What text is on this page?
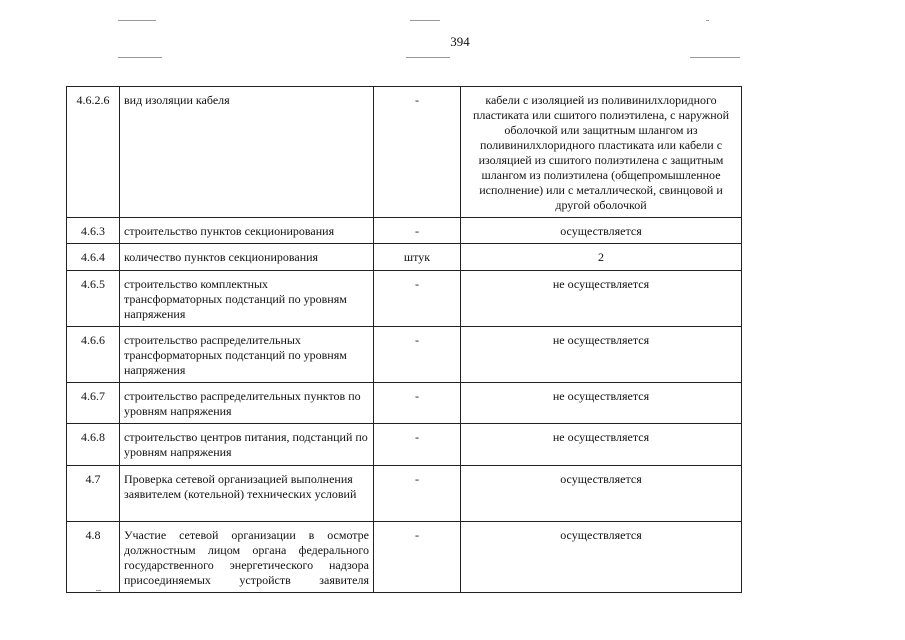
394
4.6.2.6	вид изоляции кабеля	-	кабели с изоляцией из поливинилхлоридного пластиката или сшитого полиэтилена, с наружной оболочкой или защитным шлангом из поливинилхлоридного пластиката или кабели с изоляцией из сшитого полиэтилена с защитным шлангом из полиэтилена (общепромышленное исполнение) или с металлической, свинцовой и другой оболочкой
4.6.3	строительство пунктов секционирования	-	осуществляется
4.6.4	количество пунктов секционирования	штук	2
4.6.5	строительство комплектных трансформаторных подстанций по уровням напряжения	-	не осуществляется
4.6.6	строительство распределительных трансформаторных подстанций по уровням напряжения	-	не осуществляется
4.6.7	строительство распределительных пунктов по уровням напряжения	-	не осуществляется
4.6.8	строительство центров питания, подстанций по уровням напряжения	-	не осуществляется
4.7	Проверка сетевой организацией выполнения заявителем (котельной) технических условий	-	осуществляется
4.8	Участие сетевой организации в осмотре должностным лицом органа федерального государственного энергетического надзора присоединяемых устройств заявителя	-	осуществляется
